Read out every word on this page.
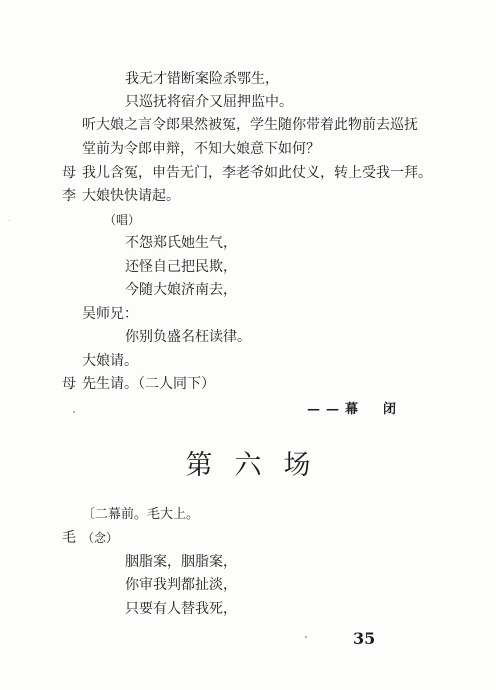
我无才错断案险杀鄂生，
只巡抚将宿介又屈押监中。
听大娘之言令郎果然被冤，学生随你带着此物前去巡抚
堂前为令郎申辩，不知大娘意下如何？
母 我儿含冤，申告无门，李老爷如此仗义，转上受我一拜。
李 大娘快快请起。
（唱）
不怨郑氏她生气，
还怪自己把民欺，
今随大娘济南去，
吴师兄：
你别负盛名枉读律。
大娘请。
母 先生请。（二人同下）
——幕　闭
第六场
〔二幕前。毛大上。
毛 （念）
胭脂案，胭脂案，
你审我判都扯淡，
只要有人替我死，
35
